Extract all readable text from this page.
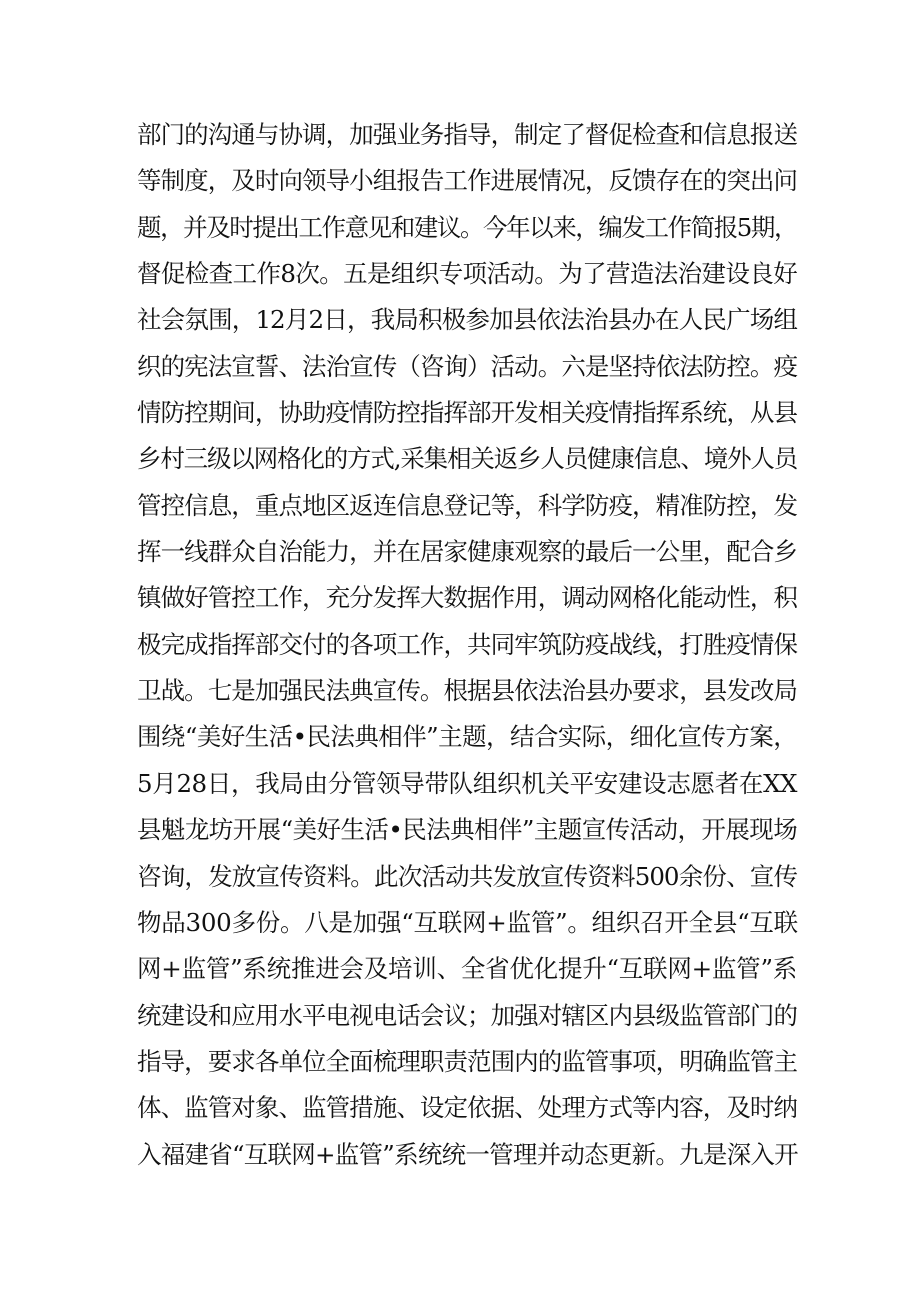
部门的沟通与协调，加强业务指导，制定了督促检查和信息报送
等制度，及时向领导小组报告工作进展情况，反馈存在的突出问
题，并及时提出工作意见和建议。今年以来，编发工作简报5期，
督促检查工作8次。五是组织专项活动。为了营造法治建设良好
社会氛围，12月2日，我局积极参加县依法治县办在人民广场组
织的宪法宣誓、法治宣传（咨询）活动。六是坚持依法防控。疫
情防控期间，协助疫情防控指挥部开发相关疫情指挥系统，从县
乡村三级以网格化的方式,采集相关返乡人员健康信息、境外人员
管控信息，重点地区返连信息登记等，科学防疫，精准防控，发
挥一线群众自治能力，并在居家健康观察的最后一公里，配合乡
镇做好管控工作，充分发挥大数据作用，调动网格化能动性，积
极完成指挥部交付的各项工作，共同牢筑防疫战线，打胜疫情保
卫战。七是加强民法典宣传。根据县依法治县办要求，县发改局
围绕“美好生活•民法典相伴”主题，结合实际，细化宣传方案，
5月28日，我局由分管领导带队组织机关平安建设志愿者在XX
县魁龙坊开展“美好生活•民法典相伴”主题宣传活动，开展现场
咨询，发放宣传资料。此次活动共发放宣传资料500余份、宣传
物品300多份。八是加强“互联网+监管”。组织召开全县“互联
网+监管”系统推进会及培训、全省优化提升“互联网+监管”系
统建设和应用水平电视电话会议；加强对辖区内县级监管部门的
指导，要求各单位全面梳理职责范围内的监管事项，明确监管主
体、监管对象、监管措施、设定依据、处理方式等内容，及时纳
入福建省“互联网+监管”系统统一管理并动态更新。九是深入开
